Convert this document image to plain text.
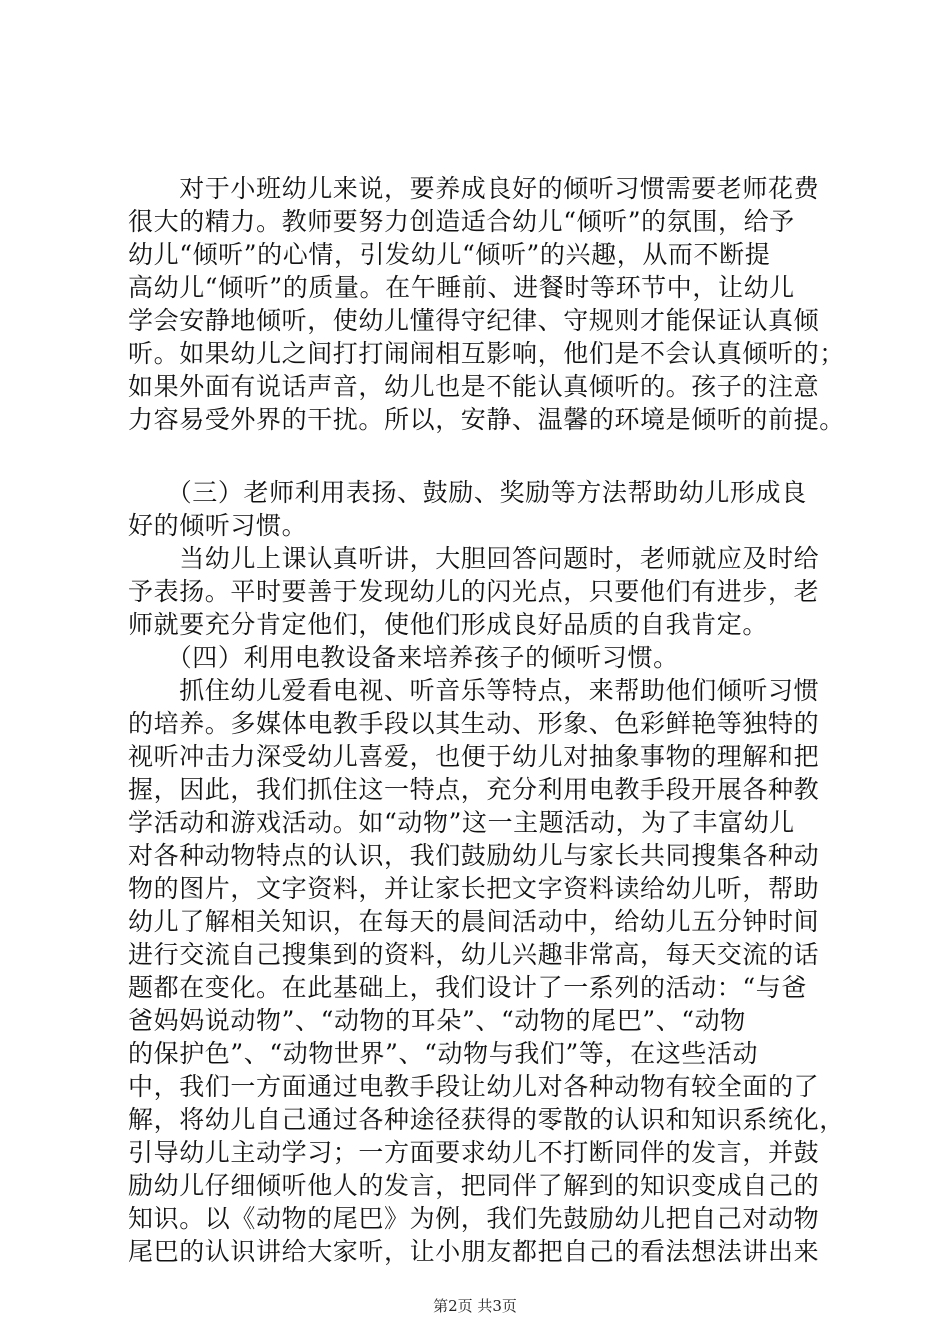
　　对于小班幼儿来说，要养成良好的倾听习惯需要老师花费
很大的精力。教师要努力创造适合幼儿“倾听”的氛围，给予
幼儿“倾听”的心情，引发幼儿“倾听”的兴趣，从而不断提
高幼儿“倾听”的质量。在午睡前、进餐时等环节中，让幼儿
学会安静地倾听，使幼儿懂得守纪律、守规则才能保证认真倾
听。如果幼儿之间打打闹闹相互影响，他们是不会认真倾听的；
如果外面有说话声音，幼儿也是不能认真倾听的。孩子的注意
力容易受外界的干扰。所以，安静、温馨的环境是倾听的前提。
　　（三）老师利用表扬、鼓励、奖励等方法帮助幼儿形成良
好的倾听习惯。
　　当幼儿上课认真听讲，大胆回答问题时，老师就应及时给
予表扬。平时要善于发现幼儿的闪光点，只要他们有进步，老
师就要充分肯定他们，使他们形成良好品质的自我肯定。
　　（四）利用电教设备来培养孩子的倾听习惯。
　　抓住幼儿爱看电视、听音乐等特点，来帮助他们倾听习惯
的培养。多媒体电教手段以其生动、形象、色彩鲜艳等独特的
视听冲击力深受幼儿喜爱，也便于幼儿对抽象事物的理解和把
握，因此，我们抓住这一特点，充分利用电教手段开展各种教
学活动和游戏活动。如“动物”这一主题活动，为了丰富幼儿
对各种动物特点的认识，我们鼓励幼儿与家长共同搜集各种动
物的图片，文字资料，并让家长把文字资料读给幼儿听，帮助
幼儿了解相关知识，在每天的晨间活动中，给幼儿五分钟时间
进行交流自己搜集到的资料，幼儿兴趣非常高，每天交流的话
题都在变化。在此基础上，我们设计了一系列的活动：“与爸
爸妈妈说动物”、“动物的耳朵”、“动物的尾巴”、“动物
的保护色”、“动物世界”、“动物与我们”等，在这些活动
中，我们一方面通过电教手段让幼儿对各种动物有较全面的了
解，将幼儿自己通过各种途径获得的零散的认识和知识系统化，
引导幼儿主动学习；一方面要求幼儿不打断同伴的发言，并鼓
励幼儿仔细倾听他人的发言，把同伴了解到的知识变成自己的
知识。以《动物的尾巴》为例，我们先鼓励幼儿把自己对动物
尾巴的认识讲给大家听，让小朋友都把自己的看法想法讲出来
第2页 共3页
